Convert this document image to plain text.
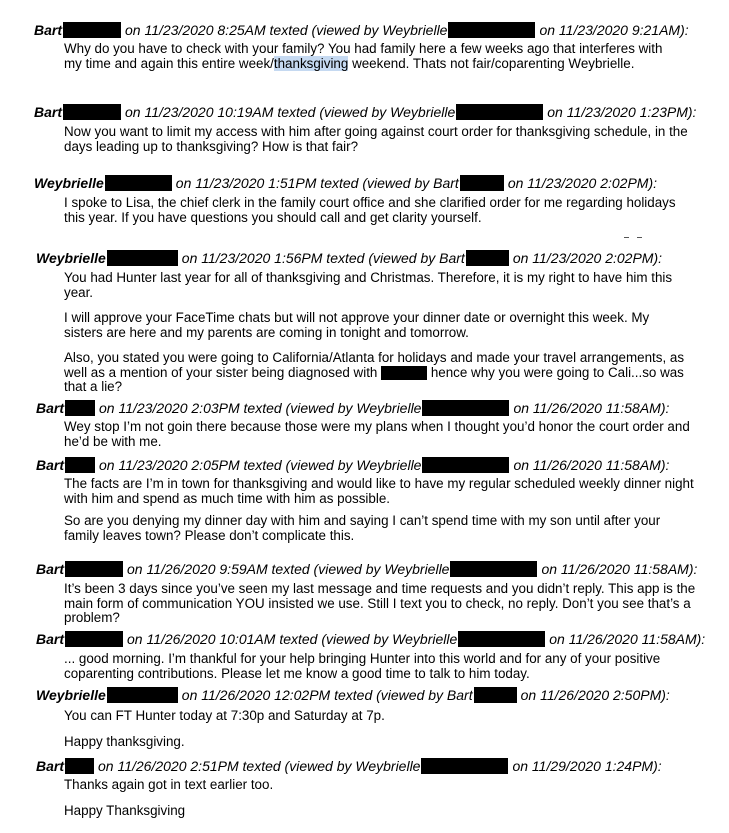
Bart	on 11/23/2020 8:25AM texted (viewed by Weybrielle	on 11/23/2020 9:21AM):
Why do you have to check with your family? You had family here a few weeks ago that interferes with my time and again this entire week/thanksgiving weekend. Thats not fair/coparenting Weybrielle.
Bart	on 11/23/2020 10:19AM texted (viewed by Weybrielle	on 11/23/2020 1:23PM):
Now you want to limit my access with him after going against court order for thanksgiving schedule, in the days leading up to thanksgiving? How is that fair?
Weybrielle	on 11/23/2020 1:51PM texted (viewed by Bart	on 11/23/2020 2:02PM):
I spoke to Lisa, the chief clerk in the family court office and she clarified order for me regarding holidays this year. If you have questions you should call and get clarity yourself.
Weybrielle	on 11/23/2020 1:56PM texted (viewed by Bart	on 11/23/2020 2:02PM):
You had Hunter last year for all of thanksgiving and Christmas. Therefore, it is my right to have him this year.
I will approve your FaceTime chats but will not approve your dinner date or overnight this week. My sisters are here and my parents are coming in tonight and tomorrow.
Also, you stated you were going to California/Atlanta for holidays and made your travel arrangements, as well as a mention of your sister being diagnosed with	hence why you were going to Cali...so was that a lie?
Bart	on 11/23/2020 2:03PM texted (viewed by Weybrielle	on 11/26/2020 11:58AM):
Wey stop I’m not goin there because those were my plans when I thought you’d honor the court order and he’d be with me.
Bart	on 11/23/2020 2:05PM texted (viewed by Weybrielle	on 11/26/2020 11:58AM):
The facts are I’m in town for thanksgiving and would like to have my regular scheduled weekly dinner night with him and spend as much time with him as possible.
So are you denying my dinner day with him and saying I can’t spend time with my son until after your family leaves town? Please don’t complicate this.
Bart	on 11/26/2020 9:59AM texted (viewed by Weybrielle	on 11/26/2020 11:58AM):
It’s been 3 days since you’ve seen my last message and time requests and you didn’t reply. This app is the main form of communication YOU insisted we use. Still I text you to check, no reply. Don’t you see that’s a problem?
Bart	on 11/26/2020 10:01AM texted (viewed by Weybrielle	on 11/26/2020 11:58AM):
... good morning. I’m thankful for your help bringing Hunter into this world and for any of your positive coparenting contributions. Please let me know a good time to talk to him today.
Weybrielle	on 11/26/2020 12:02PM texted (viewed by Bart	on 11/26/2020 2:50PM):
You can FT Hunter today at 7:30p and Saturday at 7p.
Happy thanksgiving.
Bart on 11/26/2020 2:51PM texted (viewed by Weybrielle	on 11/29/2020 1:24PM):
Thanks again got in text earlier too.
Happy Thanksgiving
